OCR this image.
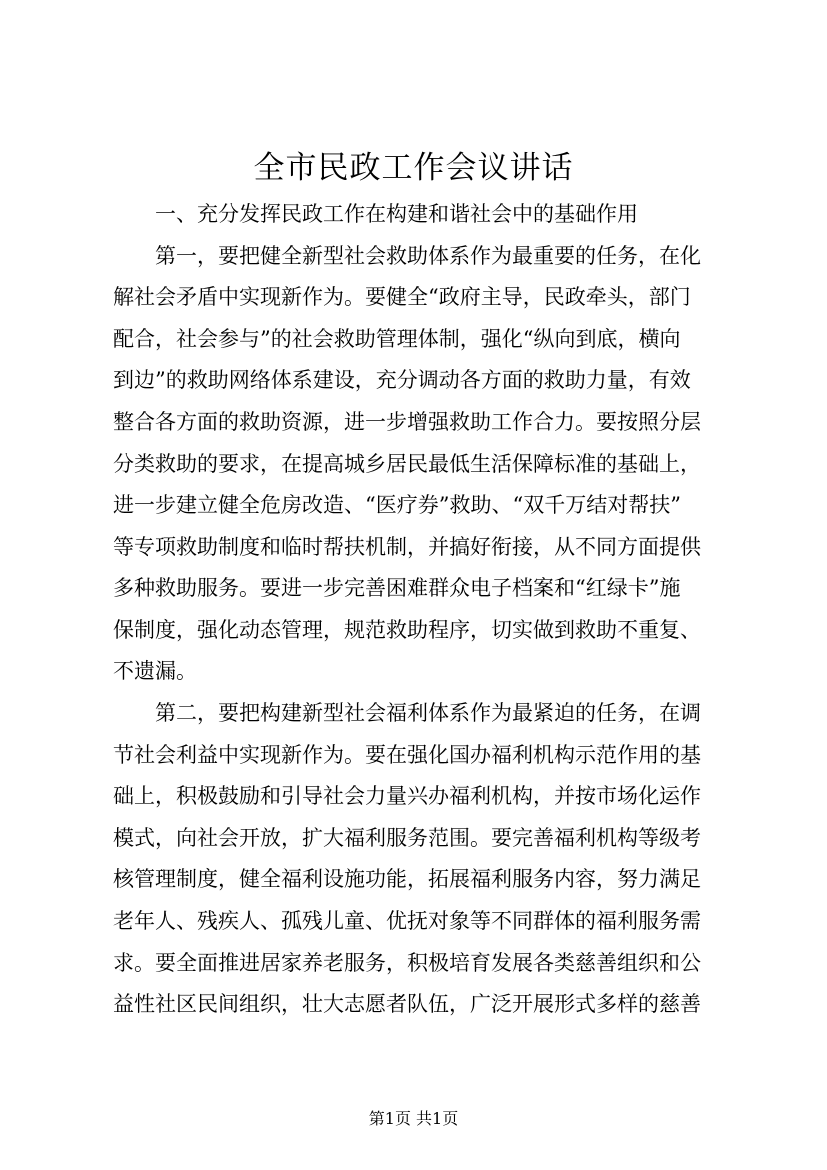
全市民政工作会议讲话

　　一、充分发挥民政工作在构建和谐社会中的基础作用

　　第一，要把健全新型社会救助体系作为最重要的任务，在化

解社会矛盾中实现新作为。要健全“政府主导，民政牵头，部门

配合，社会参与”的社会救助管理体制，强化“纵向到底，横向

到边”的救助网络体系建设，充分调动各方面的救助力量，有效

整合各方面的救助资源，进一步增强救助工作合力。要按照分层

分类救助的要求，在提高城乡居民最低生活保障标准的基础上，

进一步建立健全危房改造、“医疗券”救助、“双千万结对帮扶”

等专项救助制度和临时帮扶机制，并搞好衔接，从不同方面提供

多种救助服务。要进一步完善困难群众电子档案和“红绿卡”施

保制度，强化动态管理，规范救助程序，切实做到救助不重复、

不遗漏。

　　第二，要把构建新型社会福利体系作为最紧迫的任务，在调

节社会利益中实现新作为。要在强化国办福利机构示范作用的基

础上，积极鼓励和引导社会力量兴办福利机构，并按市场化运作

模式，向社会开放，扩大福利服务范围。要完善福利机构等级考

核管理制度，健全福利设施功能，拓展福利服务内容，努力满足

老年人、残疾人、孤残儿童、优抚对象等不同群体的福利服务需

求。要全面推进居家养老服务，积极培育发展各类慈善组织和公

益性社区民间组织，壮大志愿者队伍，广泛开展形式多样的慈善

第1页 共1页
